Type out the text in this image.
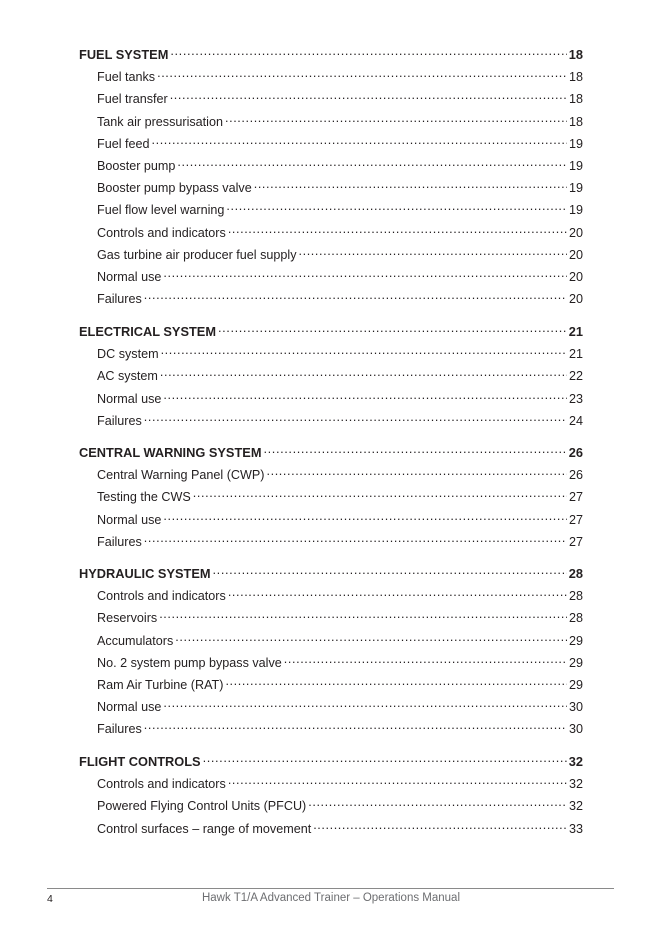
FUEL SYSTEM .....	18
Fuel tanks .....	18
Fuel transfer .....	18
Tank air pressurisation .....	18
Fuel feed .....	19
Booster pump .....	19
Booster pump bypass valve .....	19
Fuel flow level warning .....	19
Controls and indicators .....	20
Gas turbine air producer fuel supply .....	20
Normal use .....	20
Failures .....	20
ELECTRICAL SYSTEM .....	21
DC system .....	21
AC system .....	22
Normal use .....	23
Failures .....	24
CENTRAL WARNING SYSTEM .....	26
Central Warning Panel (CWP) .....	26
Testing the CWS .....	27
Normal use .....	27
Failures .....	27
HYDRAULIC SYSTEM .....	28
Controls and indicators .....	28
Reservoirs .....	28
Accumulators .....	29
No. 2 system pump bypass valve .....	29
Ram Air Turbine (RAT) .....	29
Normal use .....	30
Failures .....	30
FLIGHT CONTROLS .....	32
Controls and indicators .....	32
Powered Flying Control Units (PFCU) .....	32
Control surfaces – range of movement .....	33
4	Hawk T1/A Advanced Trainer – Operations Manual
